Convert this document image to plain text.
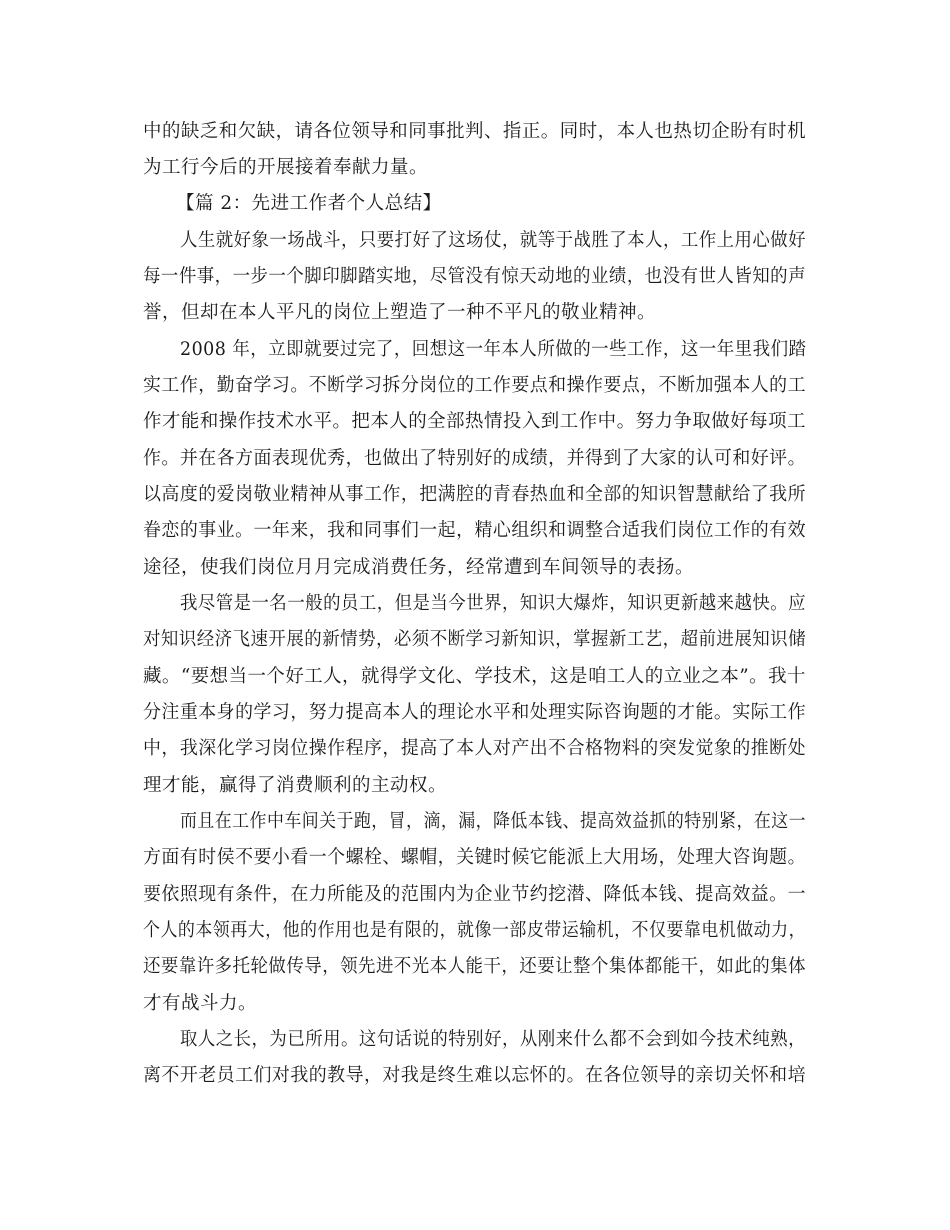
中的缺乏和欠缺，请各位领导和同事批判、指正。同时，本人也热切企盼有时机
为工行今后的开展接着奉献力量。
【篇 2：先进工作者个人总结】
人生就好象一场战斗，只要打好了这场仗，就等于战胜了本人，工作上用心做好
每一件事，一步一个脚印脚踏实地，尽管没有惊天动地的业绩，也没有世人皆知的声
誉，但却在本人平凡的岗位上塑造了一种不平凡的敬业精神。
2008 年，立即就要过完了，回想这一年本人所做的一些工作，这一年里我们踏
实工作，勤奋学习。不断学习拆分岗位的工作要点和操作要点，不断加强本人的工
作才能和操作技术水平。把本人的全部热情投入到工作中。努力争取做好每项工
作。并在各方面表现优秀，也做出了特别好的成绩，并得到了大家的认可和好评。
以高度的爱岗敬业精神从事工作，把满腔的青春热血和全部的知识智慧献给了我所
眷恋的事业。一年来，我和同事们一起，精心组织和调整合适我们岗位工作的有效
途径，使我们岗位月月完成消费任务，经常遭到车间领导的表扬。
我尽管是一名一般的员工，但是当今世界，知识大爆炸，知识更新越来越快。应
对知识经济飞速开展的新情势，必须不断学习新知识，掌握新工艺，超前进展知识储
藏。“要想当一个好工人，就得学文化、学技术，这是咱工人的立业之本”。我十
分注重本身的学习，努力提高本人的理论水平和处理实际咨询题的才能。实际工作
中，我深化学习岗位操作程序，提高了本人对产出不合格物料的突发觉象的推断处
理才能，赢得了消费顺利的主动权。
而且在工作中车间关于跑，冒，滴，漏，降低本钱、提高效益抓的特别紧，在这一
方面有时侯不要小看一个螺栓、螺帽，关键时候它能派上大用场，处理大咨询题。
要依照现有条件，在力所能及的范围内为企业节约挖潜、降低本钱、提高效益。一
个人的本领再大，他的作用也是有限的，就像一部皮带运输机，不仅要靠电机做动力，
还要靠许多托轮做传导，领先进不光本人能干，还要让整个集体都能干，如此的集体
才有战斗力。
取人之长，为已所用。这句话说的特别好，从刚来什么都不会到如今技术纯熟，
离不开老员工们对我的教导，对我是终生难以忘怀的。在各位领导的亲切关怀和培
